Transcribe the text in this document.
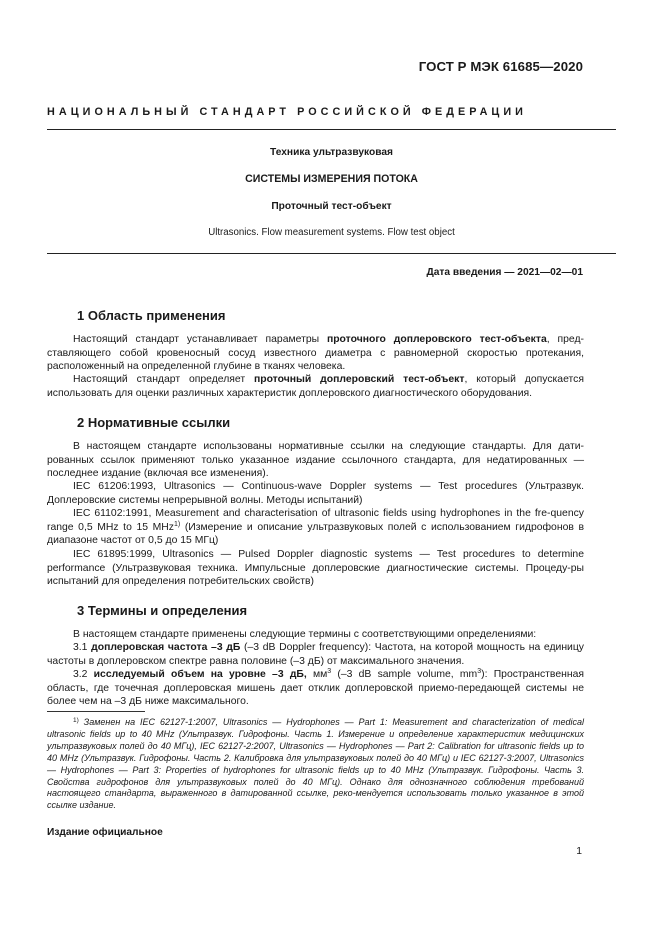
ГОСТ Р МЭК 61685—2020
НАЦИОНАЛЬНЫЙ СТАНДАРТ РОССИЙСКОЙ ФЕДЕРАЦИИ
Техника ультразвуковая
СИСТЕМЫ ИЗМЕРЕНИЯ ПОТОКА
Проточный тест-объект
Ultrasonics. Flow measurement systems. Flow test object
Дата введения — 2021—02—01
1 Область применения

Настоящий стандарт устанавливает параметры проточного доплеровского тест-объекта, пред-ставляющего собой кровеносный сосуд известного диаметра с равномерной скоростью протекания, расположенный на определенной глубине в тканях человека.

Настоящий стандарт определяет проточный доплеровский тест-объект, который допускается использовать для оценки различных характеристик доплеровского диагностического оборудования.

2 Нормативные ссылки

В настоящем стандарте использованы нормативные ссылки на следующие стандарты. Для дати-рованных ссылок применяют только указанное издание ссылочного стандарта, для недатированных — последнее издание (включая все изменения).

IEC 61206:1993, Ultrasonics — Continuous-wave Doppler systems — Test procedures (Ультразвук. Доплеровские системы непрерывной волны. Методы испытаний)

IEC 61102:1991, Measurement and characterisation of ultrasonic fields using hydrophones in the fre-quency range 0,5 MHz to 15 MHz$^{1)}$ (Измерение и описание ультразвуковых полей с использованием гидрофонов в диапазоне частот от 0,5 до 15 МГц)

IEC 61895:1999, Ultrasonics — Pulsed Doppler diagnostic systems — Test procedures to determine performance (Ультразвуковая техника. Импульсные доплеровские диагностические системы. Процеду-ры испытаний для определения потребительских свойств)

3 Термины и определения

В настоящем стандарте применены следующие термины с соответствующими определениями:

3.1 доплеровская частота –3 дБ (–3 dB Doppler frequency): Частота, на которой мощность на единицу частоты в доплеровском спектре равна половине (–3 дБ) от максимального значения.

3.2 исследуемый объем на уровне –3 дБ, $мм^3$ (–3 dB sample volume, $mm^3$): Пространственная область, где точечная доплеровская мишень дает отклик доплеровской приемо-передающей системы не более чем на –3 дБ ниже максимального.

$^{1)}$ Заменен на IEC 62127-1:2007, Ultrasonics — Hydrophones — Part 1: Measurement and characterization of medical ultrasonic fields up to 40 MHz (Ультразвук. Гидрофоны. Часть 1. Измерение и определение характеристик медицинских ультразвуковых полей до 40 МГц), IEC 62127-2:2007, Ultrasonics — Hydrophones — Part 2: Calibration for ultrasonic fields up to 40 MHz (Ультразвук. Гидрофоны. Часть 2. Калибровка для ультразвуковых полей до 40 МГц) и IEC 62127-3:2007, Ultrasonics — Hydrophones — Part 3: Properties of hydrophones for ultrasonic fields up to 40 MHz (Ультразвук. Гидрофоны. Часть 3. Свойства гидрофонов для ультразвуковых полей до 40 МГц). Однако для однозначного соблюдения требований настоящего стандарта, выраженного в датированной ссылке, реко-мендуется использовать только указанное в этой ссылке издание.
Издание официальное
1
